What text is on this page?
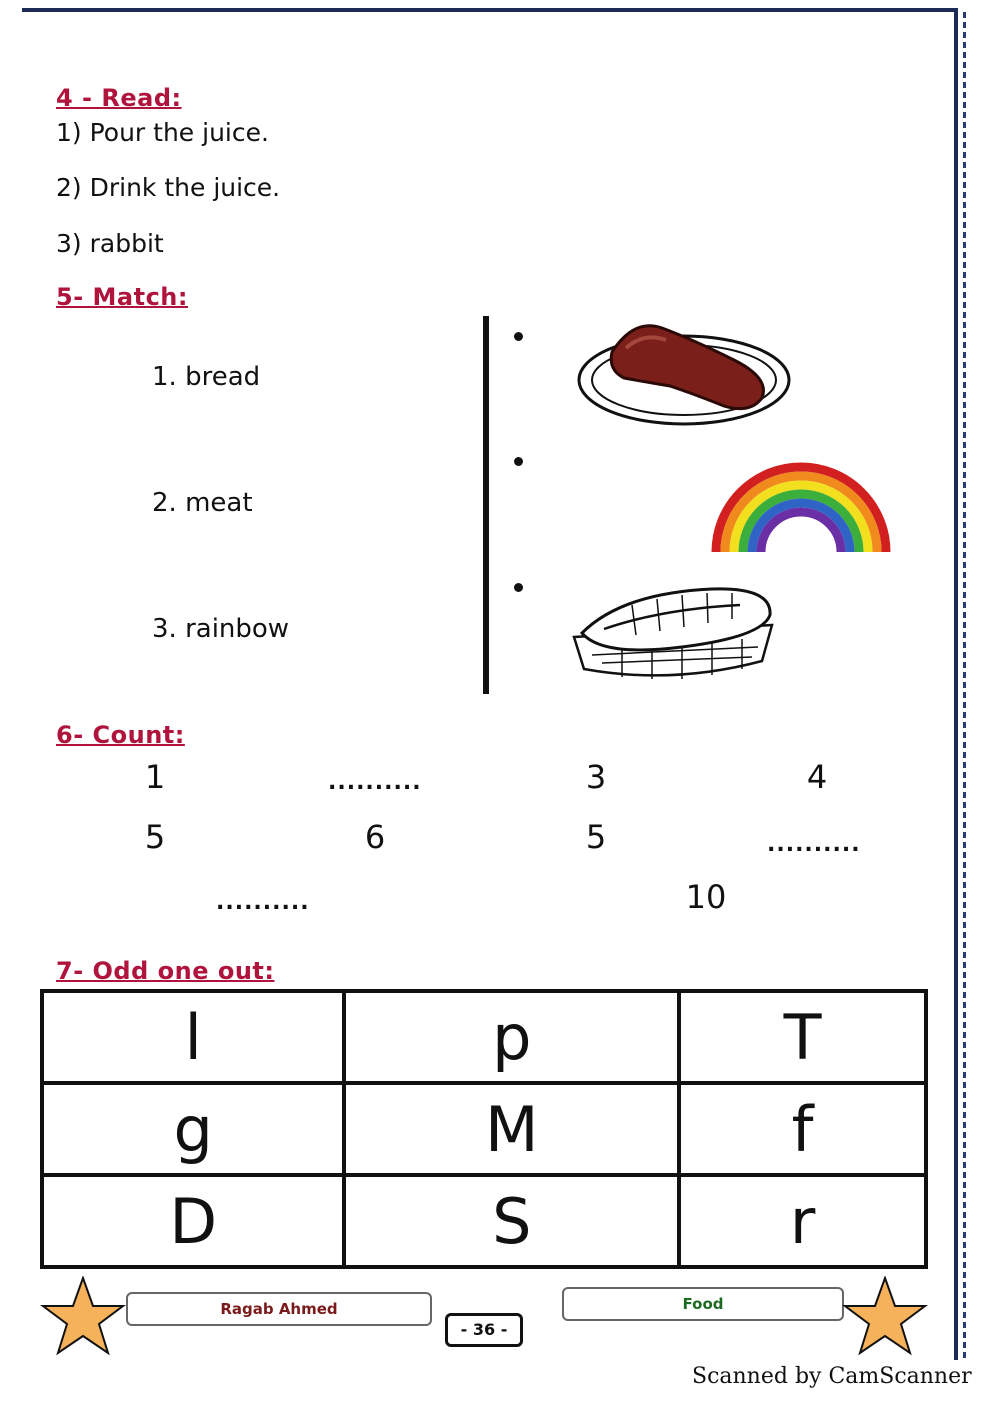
4 - Read:
1) Pour the juice.
2) Drink the juice.
3) rabbit
5- Match:
1. bread
2. meat
3. rainbow
6- Count:
1	..........	3	4
5	6	5	..........
..........	10
7- Odd one out:
l	p	T
g	M	f
D	S	r
Ragab Ahmed
- 36 -
Food
Scanned by CamScanner
